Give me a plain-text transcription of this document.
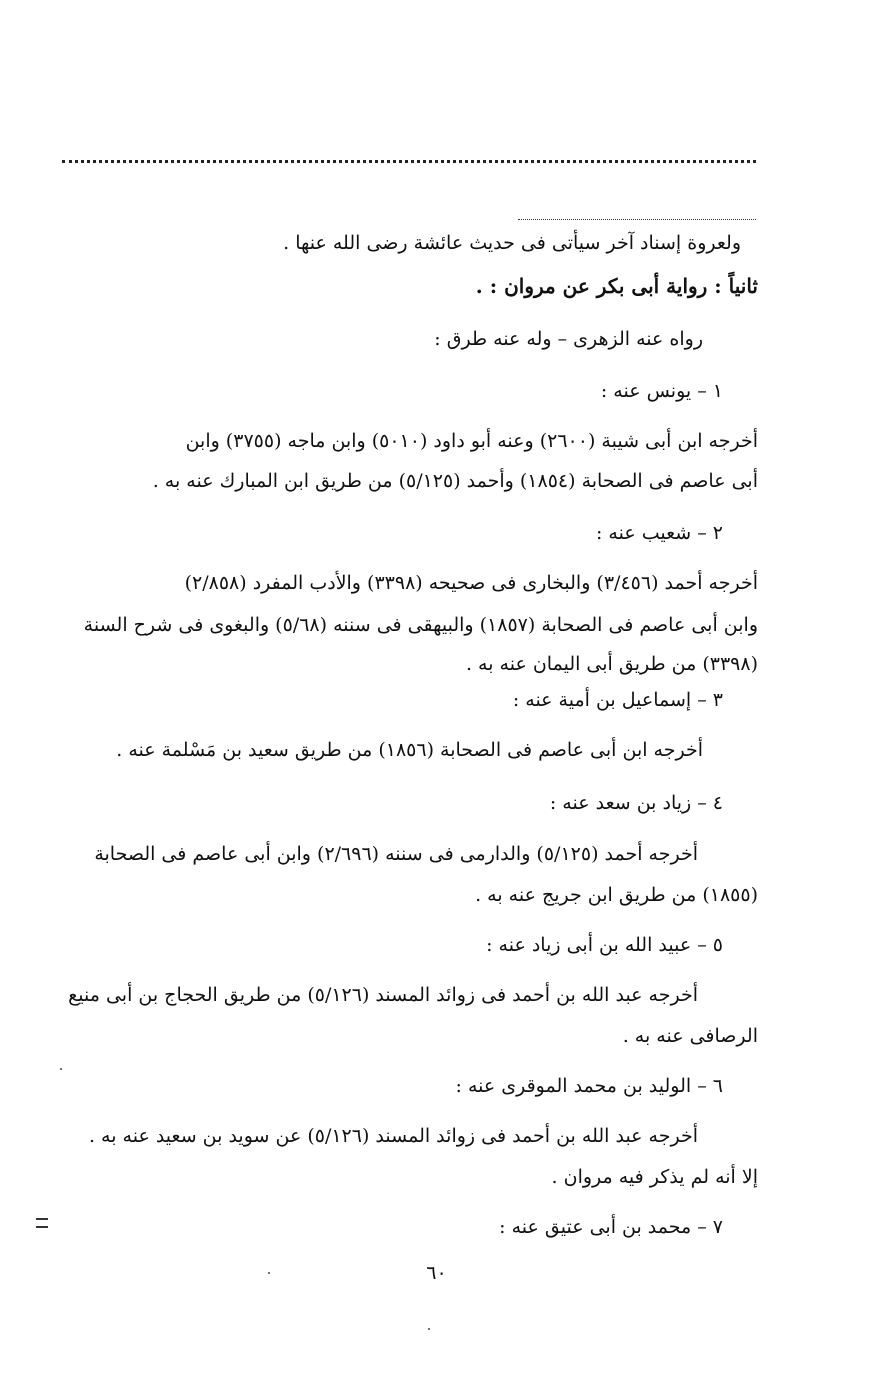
ولعروة إسناد آخر سيأتى فى حديث عائشة رضى الله عنها .
ثانياً : رواية أبى بكر عن مروان : .
رواه عنه الزهرى – وله عنه طرق :
١ – يونس عنه :
أخرجه ابن أبى شيبة (٢٦٠٠) وعنه أبو داود (٥٠١٠) وابن ماجه (٣٧٥٥) وابن
أبى عاصم فى الصحابة (١٨٥٤) وأحمد (٥/١٢٥) من طريق ابن المبارك عنه به .
٢ – شعيب عنه :
أخرجه أحمد (٣/٤٥٦) والبخارى فى صحيحه (٣٣٩٨) والأدب المفرد (٢/٨٥٨)
وابن أبى عاصم فى الصحابة (١٨٥٧) والبيهقى فى سننه (٥/٦٨) والبغوى فى شرح السنة
(٣٣٩٨) من طريق أبى اليمان عنه به .
٣ – إسماعيل بن أمية عنه :
أخرجه ابن أبى عاصم فى الصحابة (١٨٥٦) من طريق سعيد بن مَسْلمة عنه .
٤ – زياد بن سعد عنه :
أخرجه أحمد (٥/١٢٥) والدارمى فى سننه (٢/٦٩٦) وابن أبى عاصم فى الصحابة
(١٨٥٥) من طريق ابن جريج عنه به .
٥ – عبيد الله بن أبى زياد عنه :
أخرجه عبد الله بن أحمد فى زوائد المسند (٥/١٢٦) من طريق الحجاج بن أبى منيع
الرصافى عنه به .
٦ – الوليد بن محمد الموقرى عنه :
أخرجه عبد الله بن أحمد فى زوائد المسند (٥/١٢٦) عن سويد بن سعيد عنه به .
إلا أنه لم يذكر فيه مروان .
٧ – محمد بن أبى عتيق عنه :
٦٠
